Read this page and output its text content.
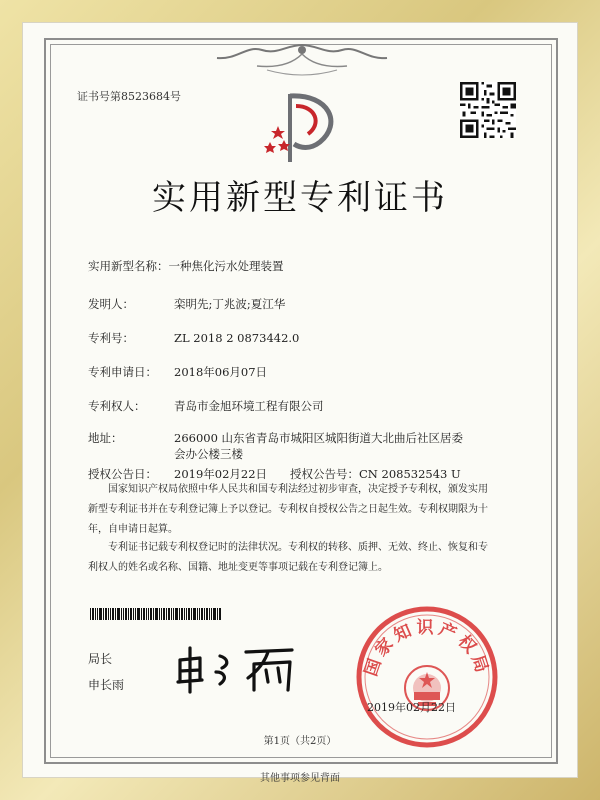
证书号第8523684号
实用新型专利证书
实用新型名称：一种焦化污水处理装置
发明人：	栾明先;丁兆波;夏江华
专利号：	ZL 2018 2 0873442.0
专利申请日： 2018年06月07日
专利权人： 青岛市金旭环境工程有限公司
地址：	266000 山东省青岛市城阳区城阳街道大北曲后社区居委
会办公楼三楼
授权公告日： 2019年02月22日 授权公告号：CN 208532543 U
国家知识产权局依照中华人民共和国专利法经过初步审查，决定授予专利权，颁发实用
新型专利证书并在专利登记簿上予以登记。专利权自授权公告之日起生效。专利权期限为十
年，自申请日起算。
专利证书记载专利权登记时的法律状况。专利权的转移、质押、无效、终止、恢复和专
利权人的姓名或名称、国籍、地址变更等事项记载在专利登记簿上。
局长
申长雨
国家知识产权局
2019年02月22日
第1页（共2页）
其他事项参见背面
